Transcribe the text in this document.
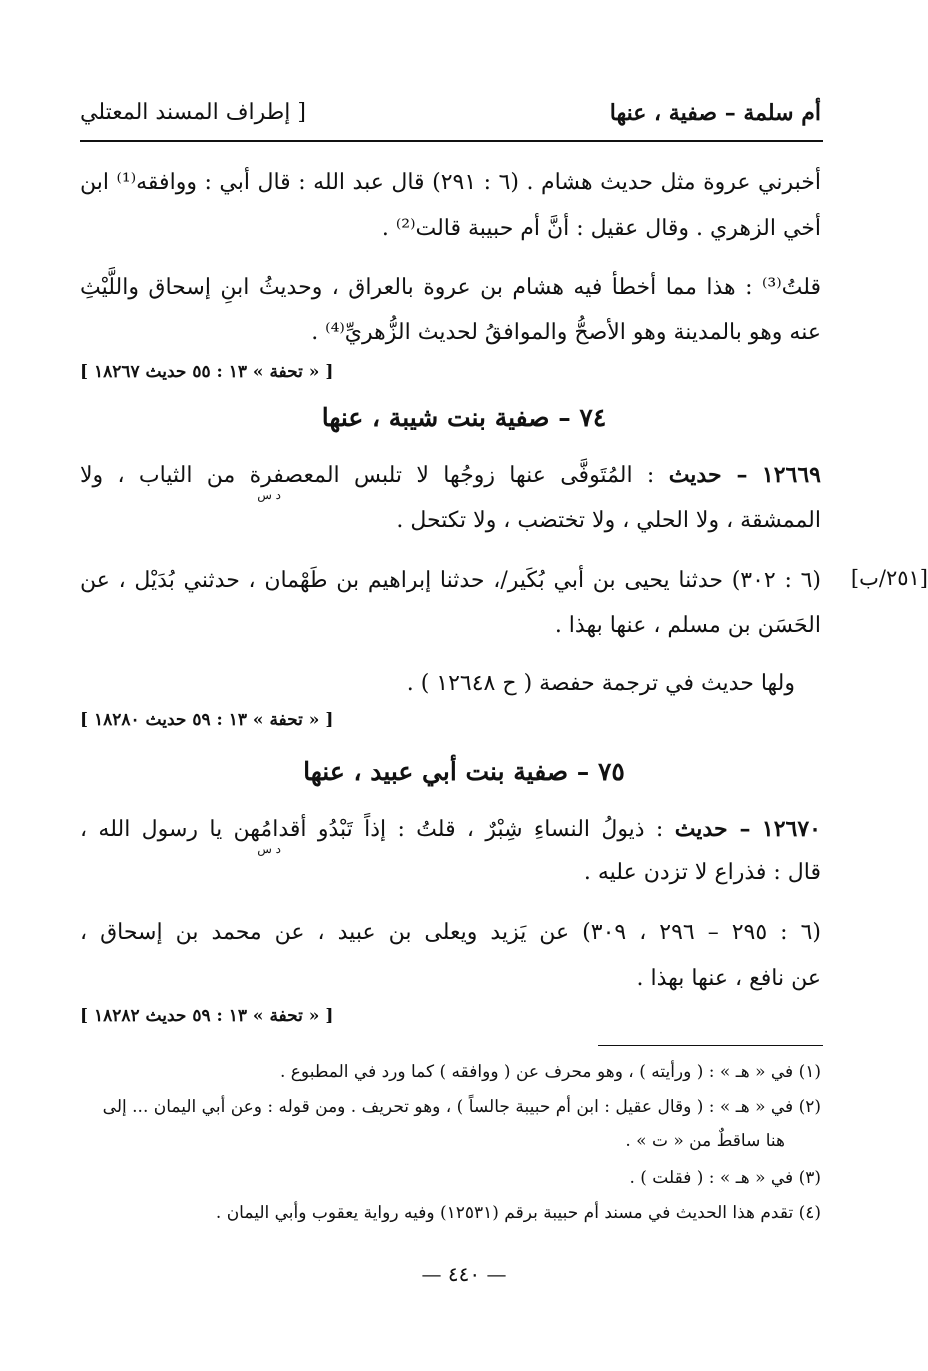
أم سلمة – صفية ، عنها
[ إطراف المسند المعتلي
أخبرني عروة مثل حديث هشام . (٦ : ٢٩١) قال عبد الله : قال أبي : ووافقه⁽¹⁾ ابن
أخي الزهري . وقال عقيل : أنَّ أم حبيبة قالت⁽²⁾ .
قلتُ⁽³⁾ : هذا مما أخطأ فيه هشام بن عروة بالعراق ، وحديثُ ابنِ إسحاق واللَّيْثِ
عنه وهو بالمدينة وهو الأصحُّ والموافقُ لحديث الزُّهريِّ⁽⁴⁾ .
[ « تحفة » ١٣ : ٥٥ حديث ١٨٢٦٧ ]
٧٤ – صفية بنت شيبة ، عنها
١٢٦٦٩ – حديث : المُتَوفَّى عنها زوجُها لا تلبس المعصفرة من الثياب ، ولا
د س
الممشقة ، ولا الحلي ، ولا تختضب ، ولا تكتحل .
[٢٥١/ب]
(٦ : ٣٠٢) حدثنا يحيى بن أبي بُكَير/، حدثنا إبراهيم بن طَهْمان ، حدثني بُدَيْل ، عن
الحَسَن بن مسلم ، عنها بهذا .
ولها حديث في ترجمة حفصة ( ح ١٢٦٤٨ ) .
[ « تحفة » ١٣ : ٥٩ حديث ١٨٢٨٠ ]
٧٥ – صفية بنت أبي عبيد ، عنها
١٢٦٧٠ – حديث : ذيولُ النساءِ شِبْرٌ ، قلتُ : إذاً تَبْدُو أقدامُهن يا رسول الله ،
د س
قال : فذراع لا تزدن عليه .
(٦ : ٢٩٥ – ٢٩٦ ، ٣٠٩) عن يَزيد ويعلى بن عبيد ، عن محمد بن إسحاق ،
عن نافع ، عنها بهذا .
[ « تحفة » ١٣ : ٥٩ حديث ١٨٢٨٢ ]
(١) في « هـ » : ( ورأيته ) ، وهو محرف عن ( ووافقه ) كما ورد في المطبوع .
(٢) في « هـ » : ( وقال عقيل : ابن أم حبيبة جالساً ) ، وهو تحريف . ومن قوله : وعن أبي اليمان ... إلى
هنا ساقطٌ من « ت » .
(٣) في « هـ » : ( فقلت ) .
(٤) تقدم هذا الحديث في مسند أم حبيبة برقم (١٢٥٣١) وفيه رواية يعقوب وأبي اليمان .
— ٤٤٠ —
